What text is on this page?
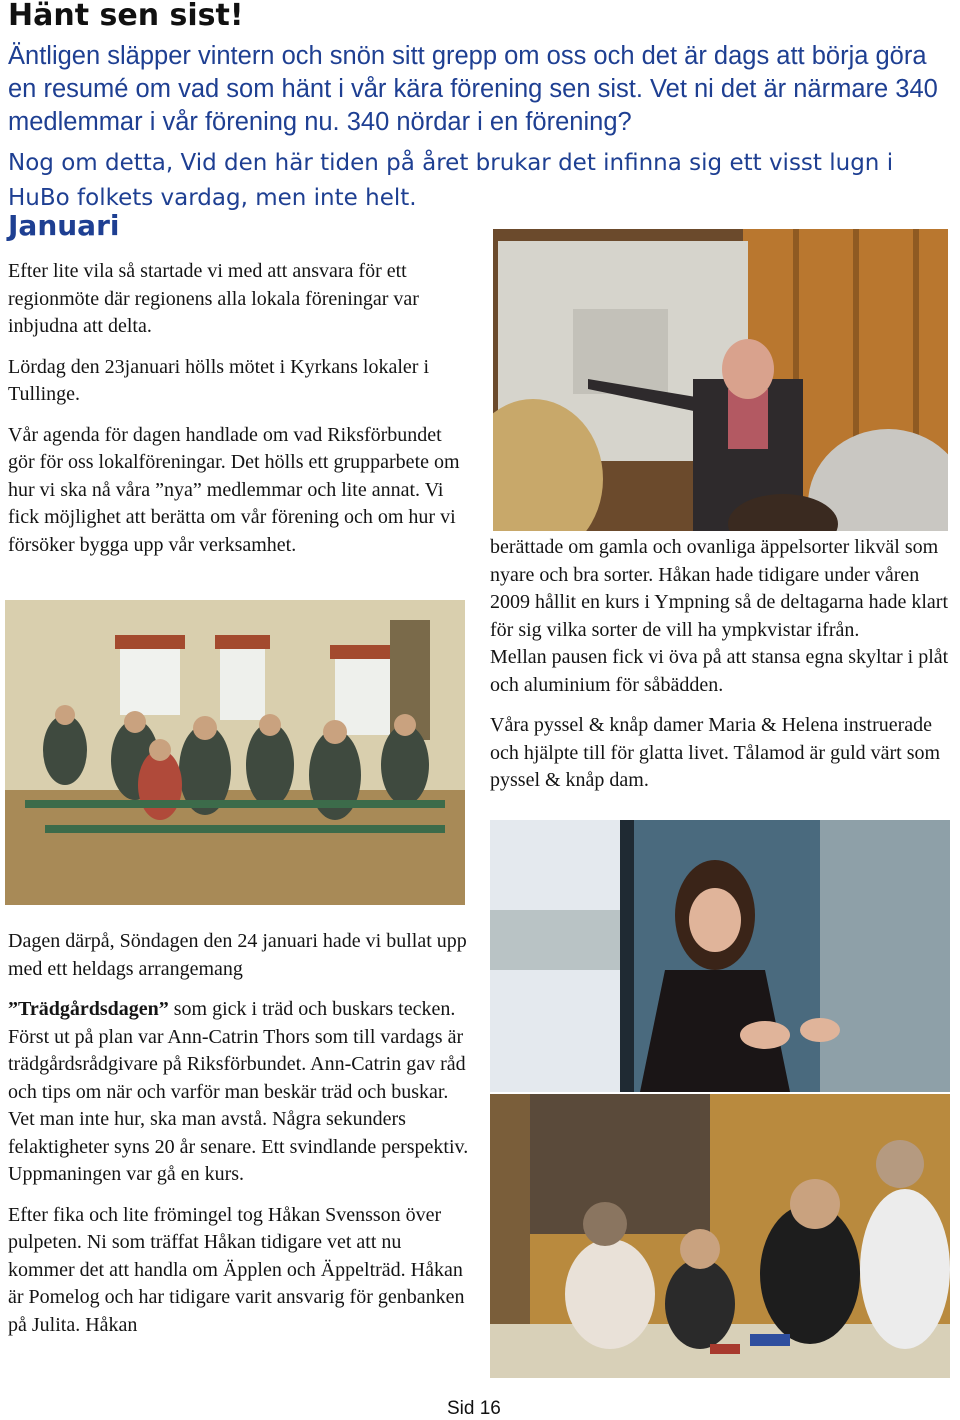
Hänt sen sist!
Äntligen släpper vintern och snön sitt grepp om oss och det är dags att börja göra en resumé om vad som hänt i vår kära förening sen sist. Vet ni det är närmare 340 medlemmar i vår förening nu. 340 nördar i en förening?
Nog om detta, Vid den här tiden på året brukar det infinna sig ett visst lugn i HuBo folkets vardag, men inte helt.
Januari

Efter lite vila så startade vi med att ansvara för ett regionmöte där regionens alla lokala föreningar var inbjudna att delta.

Lördag den 23januari hölls mötet i Kyrkans lokaler i Tullinge.

Vår agenda för dagen handlade om vad Riksförbundet gör för oss lokalföreningar. Det hölls ett grupparbete om hur vi ska nå våra ”nya” medlemmar och lite annat. Vi fick möjlighet att berätta om vår förening och om hur vi försöker bygga upp vår verksamhet.	berättade om gamla och ovanliga äppelsorter likväl som nyare och bra sorter. Håkan hade tidigare under våren 2009 hållit en kurs i Ympning så de deltagarna hade klart för sig vilka sorter de vill ha ympkvistar ifrån.

Mellan pausen fick vi öva på att stansa egna skyltar i plåt och aluminium för såbädden.

Våra pyssel & knåp damer Maria & Helena instruerade och hjälpte till för glatta livet. Tålamod är guld värt som pyssel & knåp dam.

Dagen därpå, Söndagen den 24 januari hade vi bullat upp med ett heldags arrangemang

”Trädgårdsdagen” som gick i träd och buskars tecken. Först ut på plan var Ann-Catrin Thors som till vardags är trädgårdsrådgivare på Riksförbundet. Ann-Catrin gav råd och tips om när och varför man beskär träd och buskar. Vet man inte hur, ska man avstå. Några sekunders felaktigheter syns 20 år senare. Ett svindlande perspektiv. Uppmaningen var gå en kurs.

Efter fika och lite frömingel tog Håkan Svensson över pulpeten. Ni som träffat Håkan tidigare vet att nu kommer det att handla om Äpplen och Äppelträd. Håkan är Pomelog och har tidigare varit ansvarig för genbanken på Julita. Håkan

Sid 16
